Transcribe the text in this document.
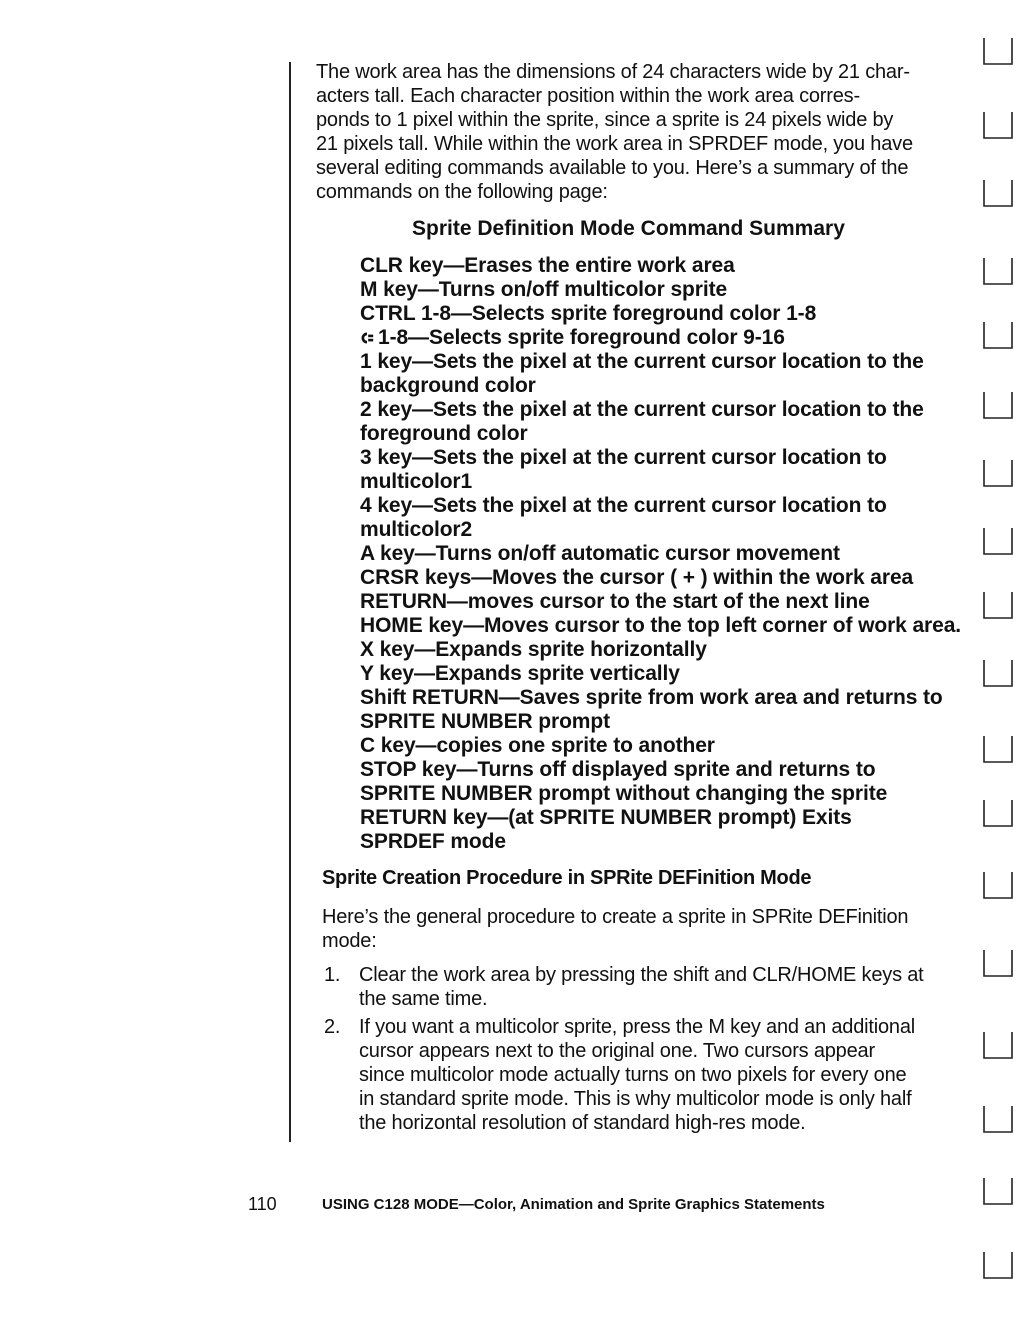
The work area has the dimensions of 24 characters wide by 21 char-
acters tall. Each character position within the work area corres-
ponds to 1 pixel within the sprite, since a sprite is 24 pixels wide by
21 pixels tall. While within the work area in SPRDEF mode, you have
several editing commands available to you. Here’s a summary of the
commands on the following page:
Sprite Definition Mode Command Summary
CLR key—Erases the entire work area
M key—Turns on/off multicolor sprite
CTRL 1-8—Selects sprite foreground color 1-8
1-8—Selects sprite foreground color 9-16
1 key—Sets the pixel at the current cursor location to the
background color
2 key—Sets the pixel at the current cursor location to the
foreground color
3 key—Sets the pixel at the current cursor location to
multicolor1
4 key—Sets the pixel at the current cursor location to
multicolor2
A key—Turns on/off automatic cursor movement
CRSR keys—Moves the cursor ( + ) within the work area
RETURN—moves cursor to the start of the next line
HOME key—Moves cursor to the top left corner of work area.
X key—Expands sprite horizontally
Y key—Expands sprite vertically
Shift RETURN—Saves sprite from work area and returns to
SPRITE NUMBER prompt
C key—copies one sprite to another
STOP key—Turns off displayed sprite and returns to
SPRITE NUMBER prompt without changing the sprite
RETURN key—(at SPRITE NUMBER prompt) Exits
SPRDEF mode
Sprite Creation Procedure in SPRite DEFinition Mode
Here’s the general procedure to create a sprite in SPRite DEFinition
mode:
1. Clear the work area by pressing the shift and CLR/HOME keys at
the same time.
2. If you want a multicolor sprite, press the M key and an additional
cursor appears next to the original one. Two cursors appear
since multicolor mode actually turns on two pixels for every one
in standard sprite mode. This is why multicolor mode is only half
the horizontal resolution of standard high-res mode.
110	USING C128 MODE—Color, Animation and Sprite Graphics Statements
